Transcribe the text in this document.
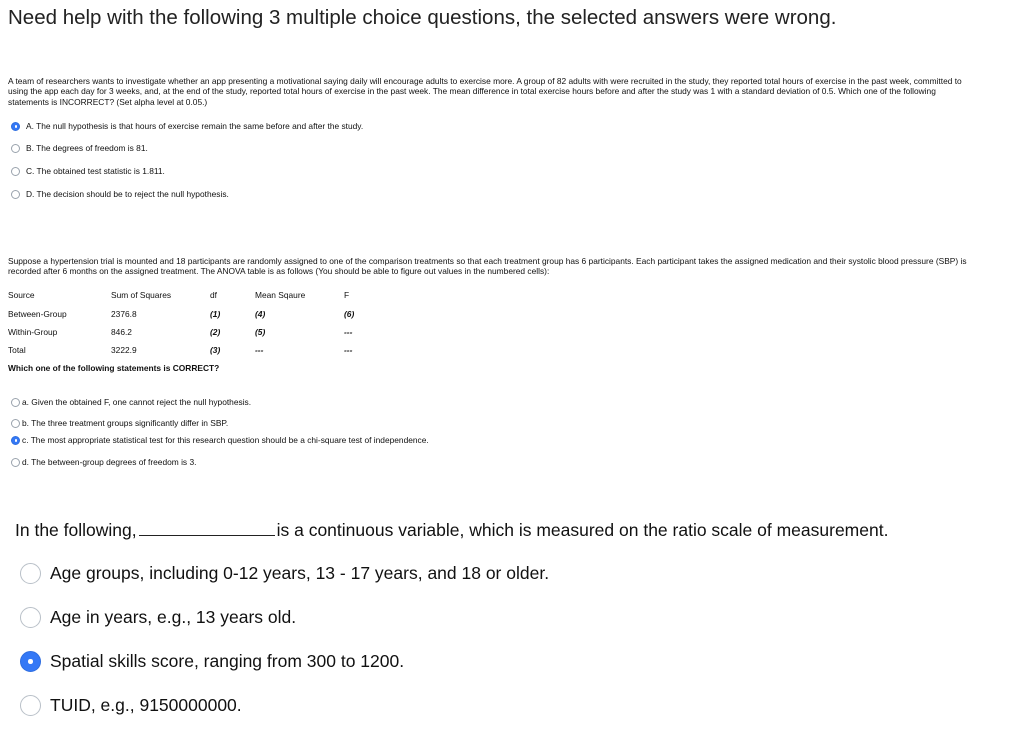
Need help with the following 3 multiple choice questions, the selected answers were wrong.
A team of researchers wants to investigate whether an app presenting a motivational saying daily will encourage adults to exercise more. A group of 82 adults with were recruited in the study, they reported total hours of exercise in the past week, committed to using the app each day for 3 weeks, and, at the end of the study, reported total hours of exercise in the past week. The mean difference in total exercise hours before and after the study was 1 with a standard deviation of 0.5. Which one of the following statements is INCORRECT? (Set alpha level at 0.05.)
A. The null hypothesis is that hours of exercise remain the same before and after the study.
B. The degrees of freedom is 81.
C. The obtained test statistic is 1.811.
D. The decision should be to reject the null hypothesis.
Suppose a hypertension trial is mounted and 18 participants are randomly assigned to one of the comparison treatments so that each treatment group has 6 participants. Each participant takes the assigned medication and their systolic blood pressure (SBP) is recorded after 6 months on the assigned treatment. The ANOVA table is as follows (You should be able to figure out values in the numbered cells):
Source	Sum of Squares	df	Mean Sqaure	F
Between-Group	2376.8	(1)	(4)	(6)
Within-Group	846.2	(2)	(5)	---
Total	3222.9	(3)	---	---
Which one of the following statements is CORRECT?
a. Given the obtained F, one cannot reject the null hypothesis.
b. The three treatment groups significantly differ in SBP.
c. The most appropriate statistical test for this research question should be a chi-square test of independence.
d. The between-group degrees of freedom is 3.
In the following,	is a continuous variable, which is measured on the ratio scale of measurement.
Age groups, including 0-12 years, 13 - 17 years, and 18 or older.
Age in years, e.g., 13 years old.
Spatial skills score, ranging from 300 to 1200.
TUID, e.g., 9150000000.
